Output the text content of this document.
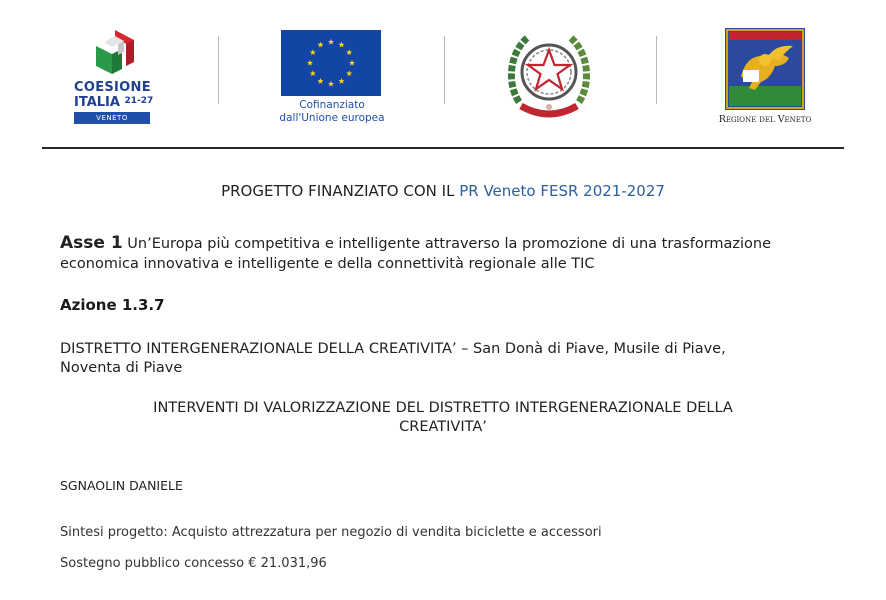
COESIONE
ITALIA $^{21-27}$
VENETO
Cofinanziato
dall'Unione europea	Regione del Veneto
PROGETTO FINANZIATO CON IL PR Veneto FESR 2021-2027
Asse 1 Un’Europa più competitiva e intelligente attraverso la promozione di una trasformazione
economica innovativa e intelligente e della connettività regionale alle TIC
Azione 1.3.7
DISTRETTO INTERGENERAZIONALE DELLA CREATIVITA’ – San Donà di Piave, Musile di Piave,
Noventa di Piave
INTERVENTI DI VALORIZZAZIONE DEL DISTRETTO INTERGENERAZIONALE DELLA
CREATIVITA’
SGNAOLIN DANIELE
Sintesi progetto: Acquisto attrezzatura per negozio di vendita biciclette e accessori
Sostegno pubblico concesso € 21.031,96
